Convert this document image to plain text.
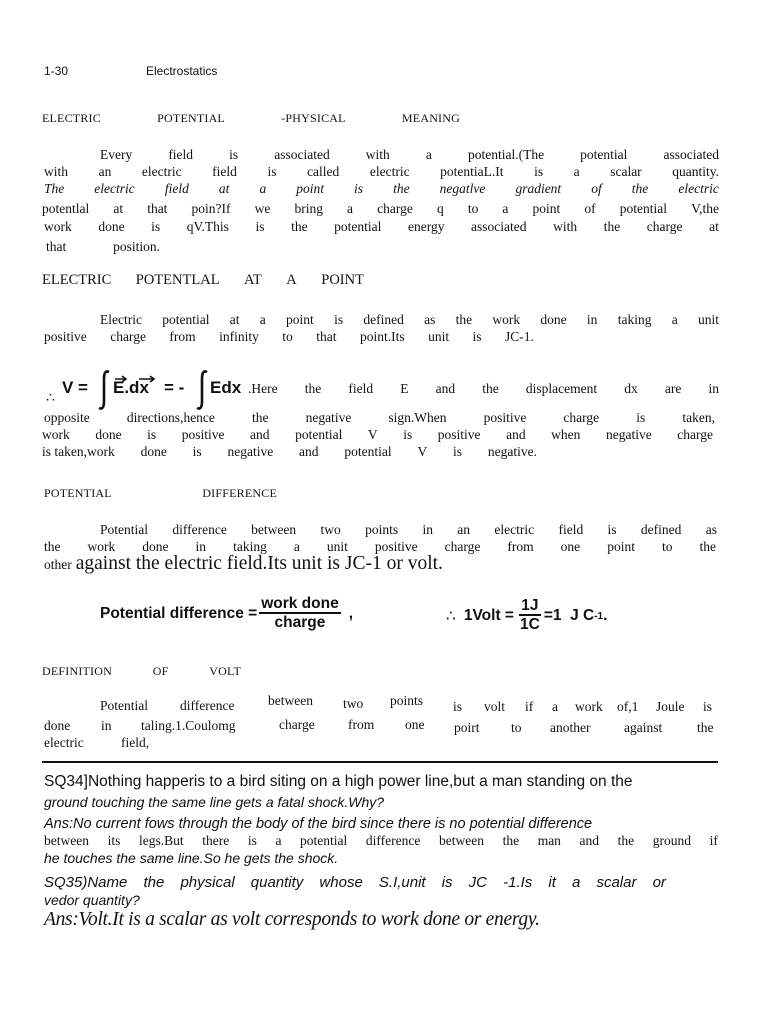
1-30	Electrostatics
ELECTRIC	POTENTIAL	-PHYSICAL	MEANING
Every	field	is	associated	with	a	potential.(The	potential	associated
with an electric field is called electric potentiaL.It is a scalar quantity.
The electric field at a point is the negatlve gradient of the electric
potentlal at that poin?If we bring a charge q to a point of potential V,the
work done is qV.This is the potential energy associated with the charge at
that	position.
ELECTRIC POTENTLAL AT A POINT
Electric potential at a point is defined as the work done in taking a unit
positive charge from infinity to that point.Its unit is JC-1.
∴
V = E.dx = - Edx .Here the field E and the displacement dx are in
opposite	directions,hence	the	negative	sign.When	positive	charge	is	taken,
work done is positive and potential V is positive and when negative charge
is taken,work done is negative and potential V is negative.
POTENTIAL	DIFFERENCE
Potential difference between two points in an electric field is defined as
the work done in taking a unit positive charge from one point to the
other against the electric field.Its unit is JC-1 or volt.
Potential difference = $\frac{\text{work done}}{\text{charge}}$ ,	∴ 1Volt = $\frac{1J}{1C} =1$  J C -1 .
DEFINITION	OF	VOLT
Potential difference between two points is volt if a work of,1 Joule is
done in taling.1.Coulomg	charge from one poirt to another against	the
electric	field,
SQ34]Nothing happeris to a bird siting on a high power line,but a man standing on the
ground touching the same line gets a fatal shock.Why?
Ans:No current fows through the body of the bird since there is no potential difference
between its legs.But there is a potential difference between the man and the ground if
he touches the same line.So he gets the shock.
SQ35)Name the physical quantity whose S.I,unit is JC -1.Is it a scalar or
vedor quantity?
Ans:Volt.It is a scalar as volt corresponds to work done or energy.
